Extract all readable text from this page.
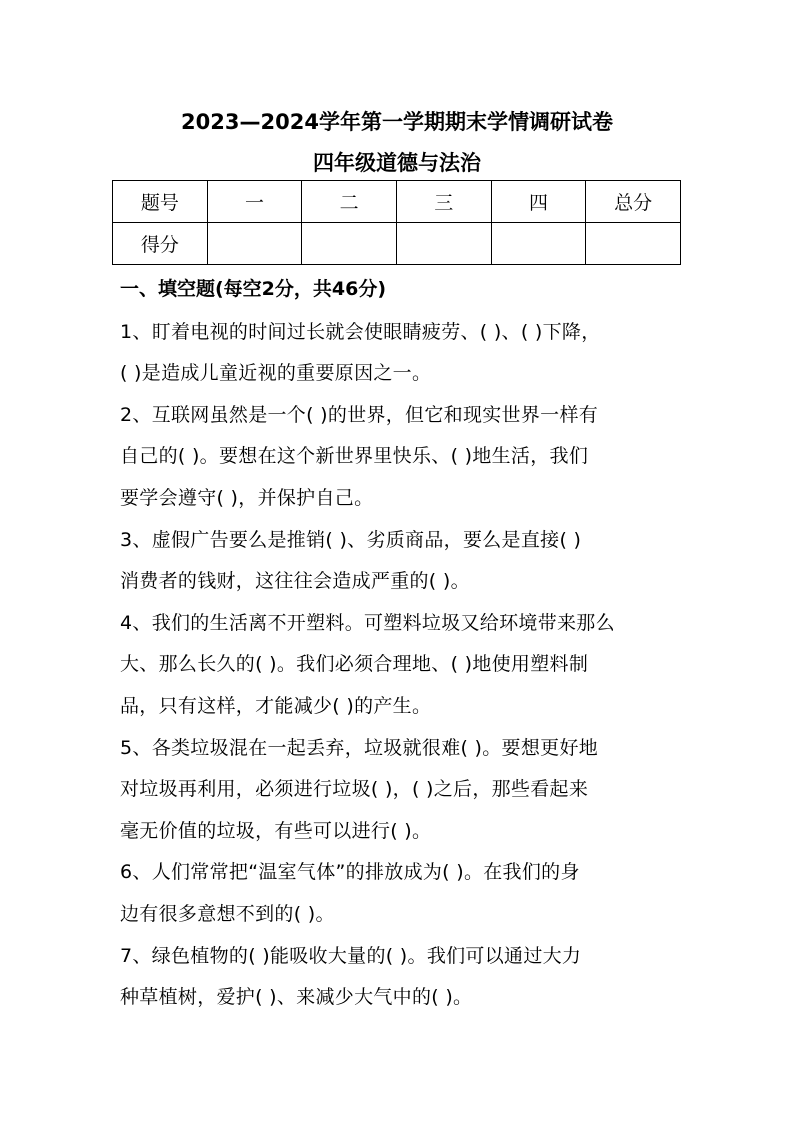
2023—2024学年第一学期期末学情调研试卷
四年级道德与法治
题号	一	二	三	四	总分
得分					
一、填空题(每空2分，共46分)
1、盯着电视的时间过长就会使眼睛疲劳、( )、( )下降，
( )是造成儿童近视的重要原因之一。
2、互联网虽然是一个( )的世界，但它和现实世界一样有
自己的( )。要想在这个新世界里快乐、( )地生活，我们
要学会遵守( )，并保护自己。
3、虚假广告要么是推销( )、劣质商品，要么是直接( )
消费者的钱财，这往往会造成严重的( )。
4、我们的生活离不开塑料。可塑料垃圾又给环境带来那么
大、那么长久的( )。我们必须合理地、( )地使用塑料制
品，只有这样，才能减少( )的产生。
5、各类垃圾混在一起丢弃，垃圾就很难( )。要想更好地
对垃圾再利用，必须进行垃圾( )，( )之后，那些看起来
毫无价值的垃圾，有些可以进行( )。
6、人们常常把“温室气体”的排放成为( )。在我们的身
边有很多意想不到的( )。
7、绿色植物的( )能吸收大量的( )。我们可以通过大力
种草植树，爱护( )、来减少大气中的( )。
